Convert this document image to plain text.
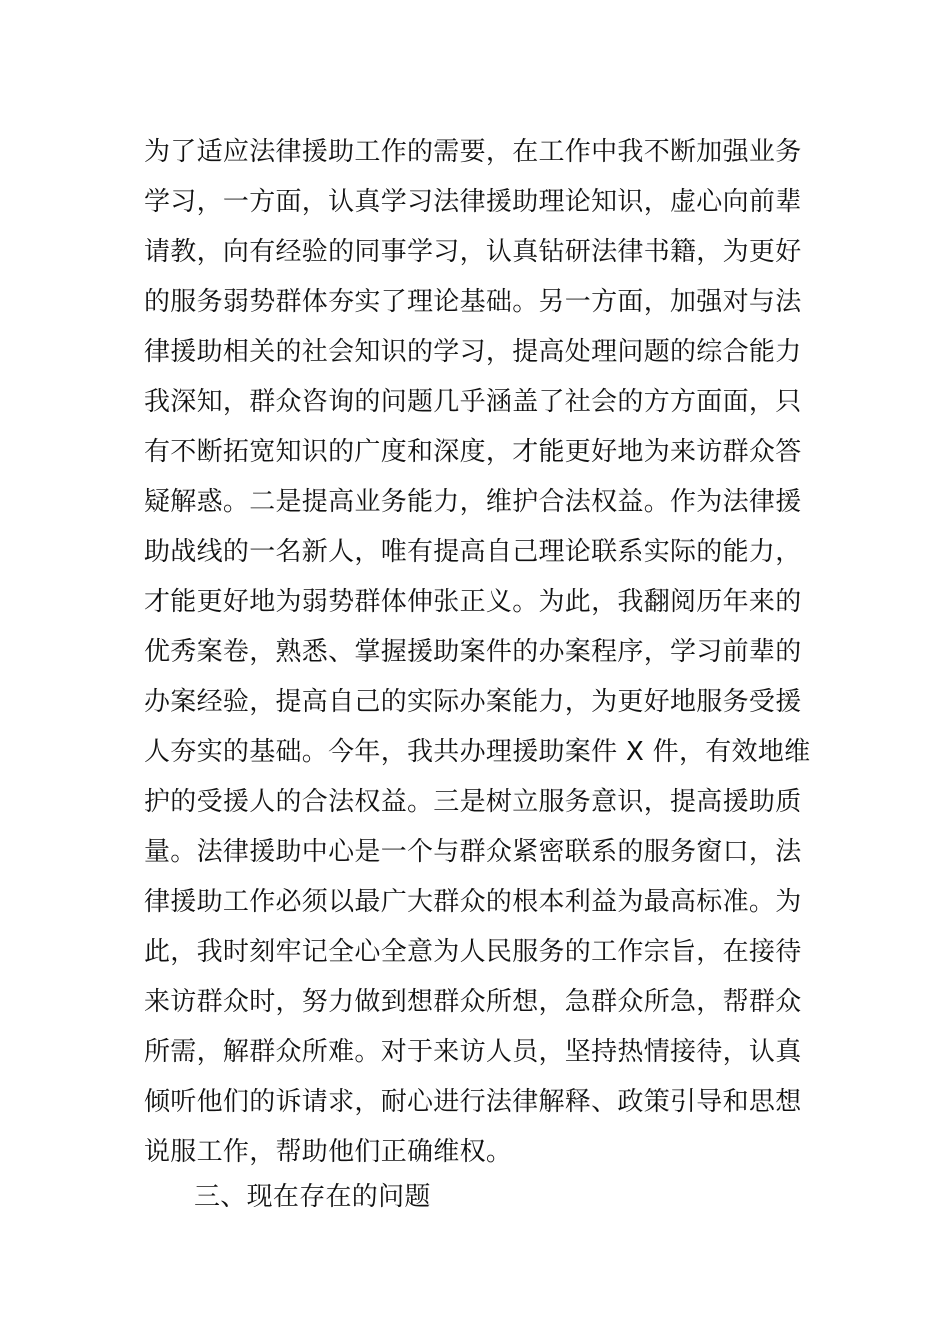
为了适应法律援助工作的需要，在工作中我不断加强业务
学习，一方面，认真学习法律援助理论知识，虚心向前辈
请教，向有经验的同事学习，认真钻研法律书籍，为更好
的服务弱势群体夯实了理论基础。另一方面，加强对与法
律援助相关的社会知识的学习，提高处理问题的综合能力
我深知，群众咨询的问题几乎涵盖了社会的方方面面，只
有不断拓宽知识的广度和深度，才能更好地为来访群众答
疑解惑。二是提高业务能力，维护合法权益。作为法律援
助战线的一名新人，唯有提高自己理论联系实际的能力，
才能更好地为弱势群体伸张正义。为此，我翻阅历年来的
优秀案卷，熟悉、掌握援助案件的办案程序，学习前辈的
办案经验，提高自己的实际办案能力，为更好地服务受援
人夯实的基础。今年，我共办理援助案件 X 件，有效地维
护的受援人的合法权益。三是树立服务意识，提高援助质
量。法律援助中心是一个与群众紧密联系的服务窗口，法
律援助工作必须以最广大群众的根本利益为最高标准。为
此，我时刻牢记全心全意为人民服务的工作宗旨，在接待
来访群众时，努力做到想群众所想，急群众所急，帮群众
所需，解群众所难。对于来访人员，坚持热情接待，认真
倾听他们的诉请求，耐心进行法律解释、政策引导和思想
说服工作，帮助他们正确维权。
三、现在存在的问题
